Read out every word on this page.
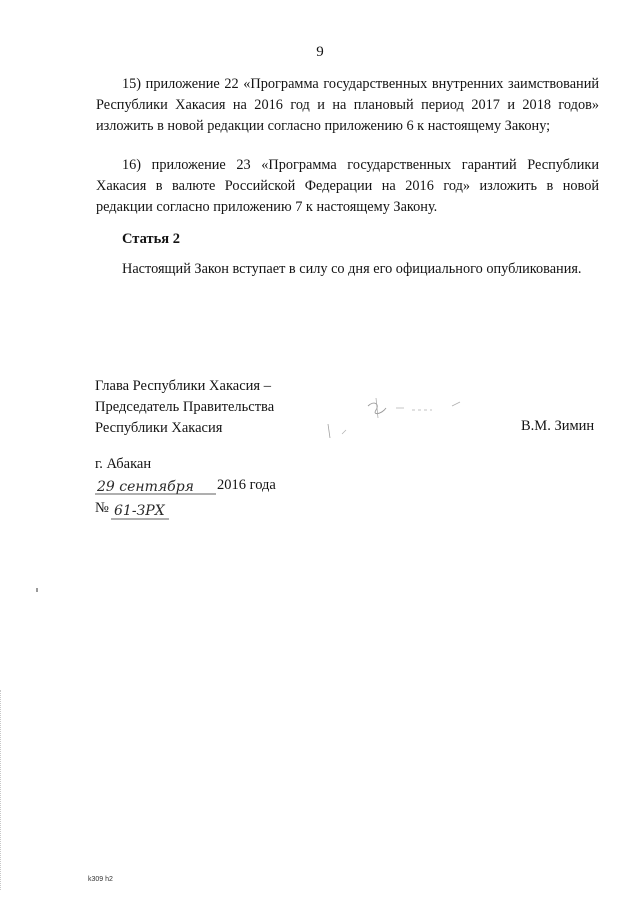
9

15) приложение 22 «Программа государственных внутренних заимствований Республики Хакасия на 2016 год и на плановый период 2017 и 2018 годов» изложить в новой редакции согласно приложению 6 к настоящему Закону;

16) приложение 23 «Программа государственных гарантий Республики Хакасия в валюте Российской Федерации на 2016 год» изложить в новой редакции согласно приложению 7 к настоящему Закону.

Статья 2
Настоящий Закон вступает в силу со дня его официального опубликования.
Глава Республики Хакасия –
Председатель Правительства
Республики Хакасия	В.М. Зимин
г. Абакан
29 сентября 2016 года
№ 61-ЗРХ
k309 h2
